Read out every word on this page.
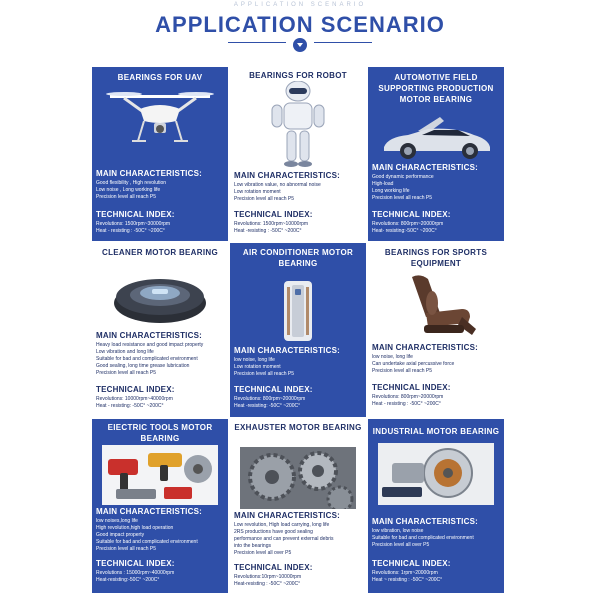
APPLICATION SCENARIO
APPLICATION SCENARIO
BEARINGS FOR UAV
MAIN CHARACTERISTICS:
Good flexibility , High revolution
Low noise , Long working life
Precision level all reach P5
TECHNICAL INDEX:
Revolutions: 1500rpm~30000rpm
Heat - resisting : -50C° ~200C°
BEARINGS FOR ROBOT
MAIN CHARACTERISTICS:
Low vibration value, no abnormal noise
Low rotation moment
Precision level all reach P5
TECHNICAL INDEX:
Revolutions: 1500rpm~10000rpm
Heat -resisting : -50C° ~200C°
AUTOMOTIVE FIELD SUPPORTING PRODUCTION MOTOR BEARING
MAIN CHARACTERISTICS:
Good dynamic performance
High-load
Long working life
Precision level all reach P5
TECHNICAL INDEX:
Revolutions: 800rpm~20000rpm
Heat- resisting:-50C° ~200C°
CLEANER MOTOR BEARING
MAIN CHARACTERISTICS:
Heavy load resistance and good impact property
Low vibration and long life
Suitable for bad and complicated environment
Good sealing, long time grease lubrication
Precision level all reach P5
TECHNICAL INDEX:
Revolutions: 10000rpm~40000rpm
Heat - resisting: -50C° ~200C°
AIR CONDITIONER MOTOR BEARING
MAIN CHARACTERISTICS:
low noise, long life
Low rotation moment
Precision level all reach P5
TECHNICAL INDEX:
Revolutions: 800rpm~20000rpm
Heat -resisting: -50C° ~200C°
BEARINGS FOR SPORTS EQUIPMENT
MAIN CHARACTERISTICS:
low noise, long life
Can undertake axial percussive force
Precision level all reach P5
TECHNICAL INDEX:
Revolutions: 800rpm~20000rpm
Heat - resisting : -50C° ~200C°
EIECTRIC TOOLS MOTOR BEARING
MAIN CHARACTERISTICS:
low noises,long life
High revolution,high load operation
Good impact property
Suitable for bad and complicated environment
Precision level all reach P5
TECHNICAL INDEX:
Revolutions : 15000rpm~40000rpm
Heat-resisting:-50C° ~200C°
EXHAUSTER MOTOR BEARING
MAIN CHARACTERISTICS:
Low revolution, High load carrying, long life
2RS productions have good sealing
performance and can prevent external debris
into the bearings
Precision level all over P5
TECHNICAL INDEX:
Revolutions:10rpm~10000rpm
Heat-resisting : -50C° ~200C°
INDUSTRIAL MOTOR BEARING
MAIN CHARACTERISTICS:
low vibration, low noise
Suitable for bad and complicated environment
Precision level all over P5
TECHNICAL INDEX:
Revolutions: 1rpm~20000rpm
Heat ~ resisting : -50C° ~200C°
